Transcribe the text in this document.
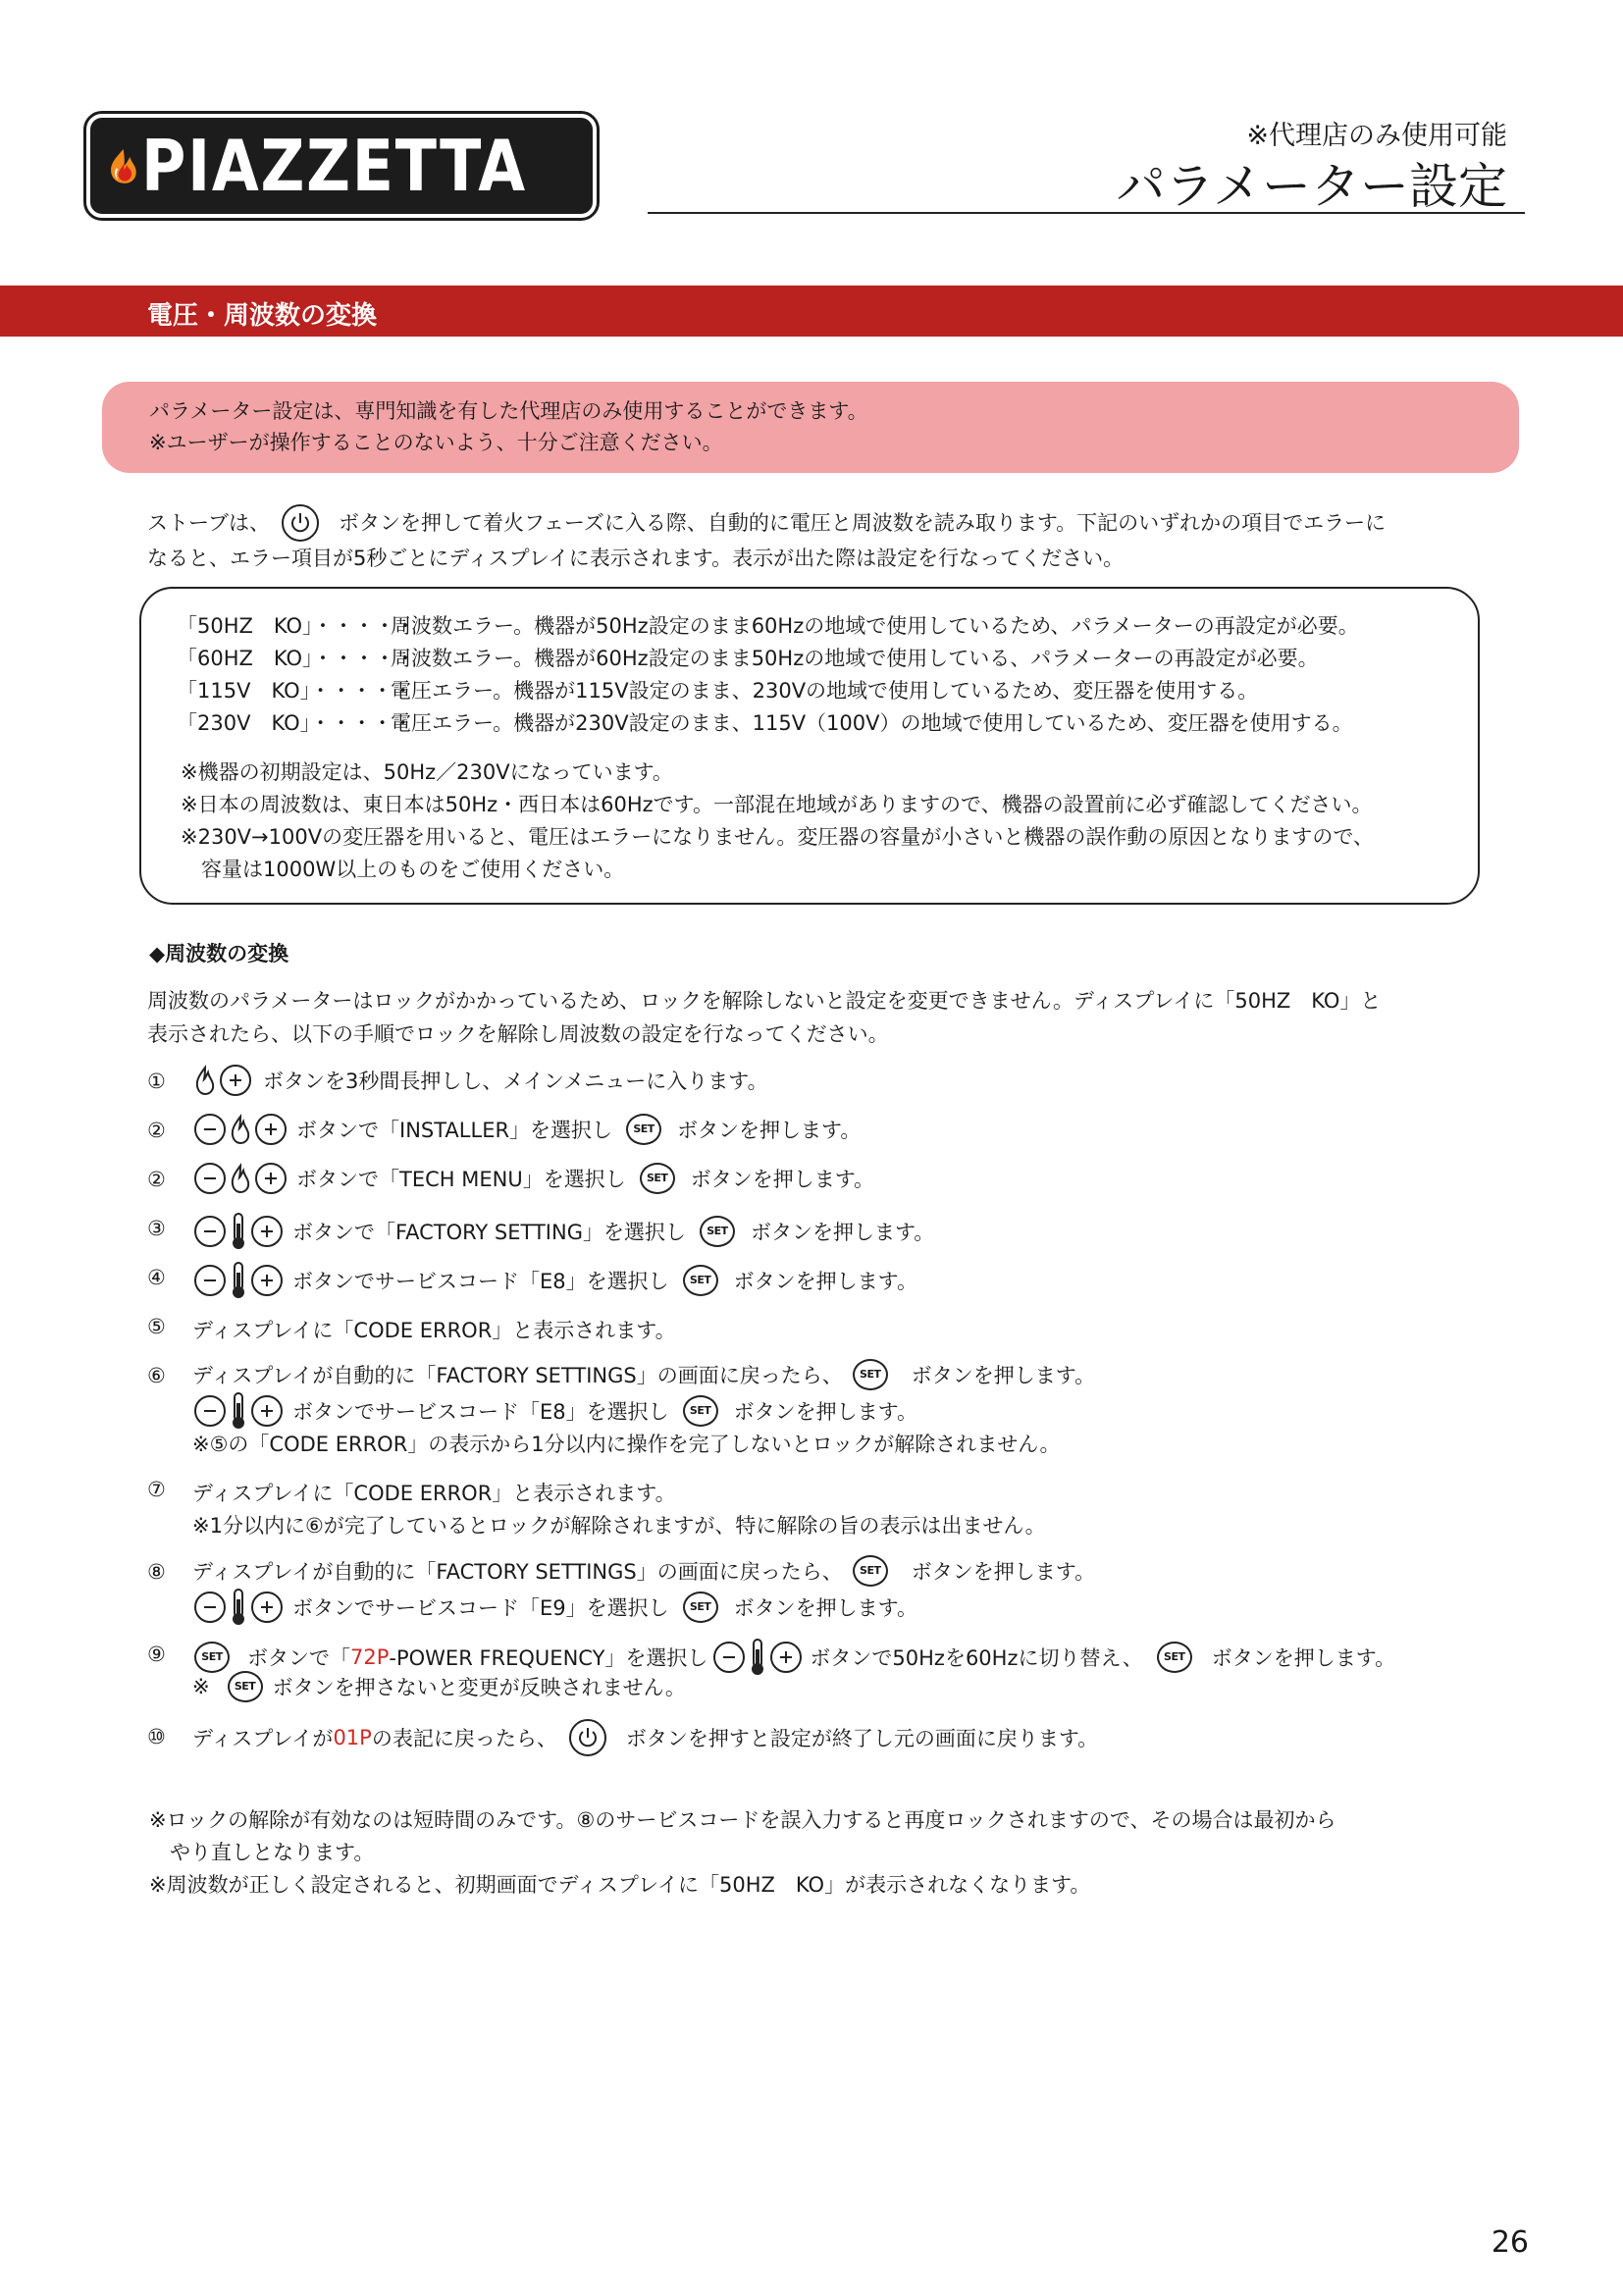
PIAZZETTA	※代理店のみ使用可能
パラメーター設定
電圧・周波数の変換
パラメーター設定は、専門知識を有した代理店のみ使用することができます。
※ユーザーが操作することのないよう、十分ご注意ください。
ストーブは、	ボタンを押して着火フェーズに入る際、自動的に電圧と周波数を読み取ります。下記のいずれかの項目でエラーに
なると、エラー項目が5秒ごとにディスプレイに表示されます。表示が出た際は設定を行なってください。
「50HZ　KO」・・・・・周波数エラー。機器が50Hz設定のまま60Hzの地域で使用しているため、パラメーターの再設定が必要。
「60HZ　KO」・・・・・周波数エラー。機器が60Hz設定のまま50Hzの地域で使用している、パラメーターの再設定が必要。
「115V　KO」・・・・・電圧エラー。機器が115V設定のまま、230Vの地域で使用しているため、変圧器を使用する。
「230V　KO」・・・・・電圧エラー。機器が230V設定のまま、115V（100V）の地域で使用しているため、変圧器を使用する。
※機器の初期設定は、50Hz／230Vになっています。
※日本の周波数は、東日本は50Hz・西日本は60Hzです。一部混在地域がありますので、機器の設置前に必ず確認してください。
※230V→100Vの変圧器を用いると、電圧はエラーになりません。変圧器の容量が小さいと機器の誤作動の原因となりますので、
　容量は1000W以上のものをご使用ください。
◆周波数の変換
周波数のパラメーターはロックがかかっているため、ロックを解除しないと設定を変更できません。ディスプレイに「50HZ　KO」と
表示されたら、以下の手順でロックを解除し周波数の設定を行なってください。
①	ボタンを3秒間長押しし、メインメニューに入ります。
②	ボタンで「INSTALLER」を選択し	SET	ボタンを押します。
②	ボタンで「TECH MENU」を選択し	SET	ボタンを押します。
③	ボタンで「FACTORY SETTING」を選択し	SET	ボタンを押します。
④	ボタンでサービスコード「E8」を選択し	SET	ボタンを押します。
⑤ ディスプレイに「CODE ERROR」と表示されます。
⑥ ディスプレイが自動的に「FACTORY SETTINGS」の画面に戻ったら、	SET	ボタンを押します。
ボタンでサービスコード「E8」を選択し	SET	ボタンを押します。
※⑤の「CODE ERROR」の表示から1分以内に操作を完了しないとロックが解除されません。
⑦ ディスプレイに「CODE ERROR」と表示されます。
※1分以内に⑥が完了しているとロックが解除されますが、特に解除の旨の表示は出ません。
⑧ ディスプレイが自動的に「FACTORY SETTINGS」の画面に戻ったら、	SET	ボタンを押します。
ボタンでサービスコード「E9」を選択し	SET	ボタンを押します。
⑨	SET	ボタンで「 72P -POWER FREQUENCY」を選択し	ボタンで50Hzを60Hzに切り替え、	SET	ボタンを押します。
※	SET ボタンを押さないと変更が反映されません。
⑩ ディスプレイが 01P の表記に戻ったら、	ボタンを押すと設定が終了し元の画面に戻ります。
※ロックの解除が有効なのは短時間のみです。⑧のサービスコードを誤入力すると再度ロックされますので、その場合は最初から
　やり直しとなります。
※周波数が正しく設定されると、初期画面でディスプレイに「50HZ　KO」が表示されなくなります。
26
